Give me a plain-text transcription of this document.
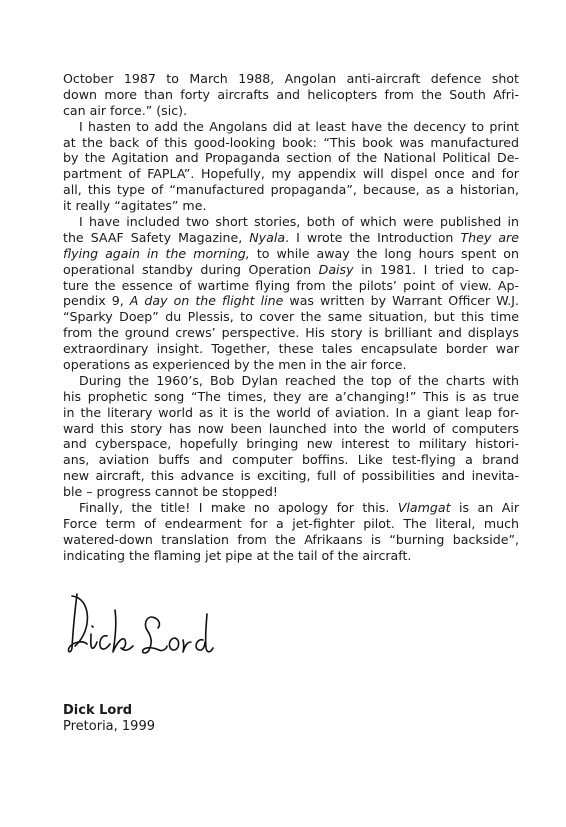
October 1987 to March 1988, Angolan anti-aircraft defence shot
down more than forty aircrafts and helicopters from the South Afri-
can air force.” (sic).
I hasten to add the Angolans did at least have the decency to print
at the back of this good-looking book: “This book was manufactured
by the Agitation and Propaganda section of the National Political De-
partment of FAPLA”. Hopefully, my appendix will dispel once and for
all, this type of “manufactured propaganda”, because, as a historian,
it really “agitates” me.
I have included two short stories, both of which were published in
the SAAF Safety Magazine, Nyala. I wrote the Introduction They are
flying again in the morning, to while away the long hours spent on
operational standby during Operation Daisy in 1981. I tried to cap-
ture the essence of wartime flying from the pilots’ point of view. Ap-
pendix 9, A day on the flight line was written by Warrant Officer W.J.
“Sparky Doep” du Plessis, to cover the same situation, but this time
from the ground crews’ perspective. His story is brilliant and displays
extraordinary insight. Together, these tales encapsulate border war
operations as experienced by the men in the air force.
During the 1960’s, Bob Dylan reached the top of the charts with
his prophetic song “The times, they are a’changing!” This is as true
in the literary world as it is the world of aviation. In a giant leap for-
ward this story has now been launched into the world of computers
and cyberspace, hopefully bringing new interest to military histori-
ans, aviation buffs and computer boffins. Like test-flying a brand
new aircraft, this advance is exciting, full of possibilities and inevita-
ble – progress cannot be stopped!
Finally, the title! I make no apology for this. Vlamgat is an Air
Force term of endearment for a jet-fighter pilot. The literal, much
watered-down translation from the Afrikaans is “burning backside”,
indicating the flaming jet pipe at the tail of the aircraft.
Dick Lord
Pretoria, 1999
